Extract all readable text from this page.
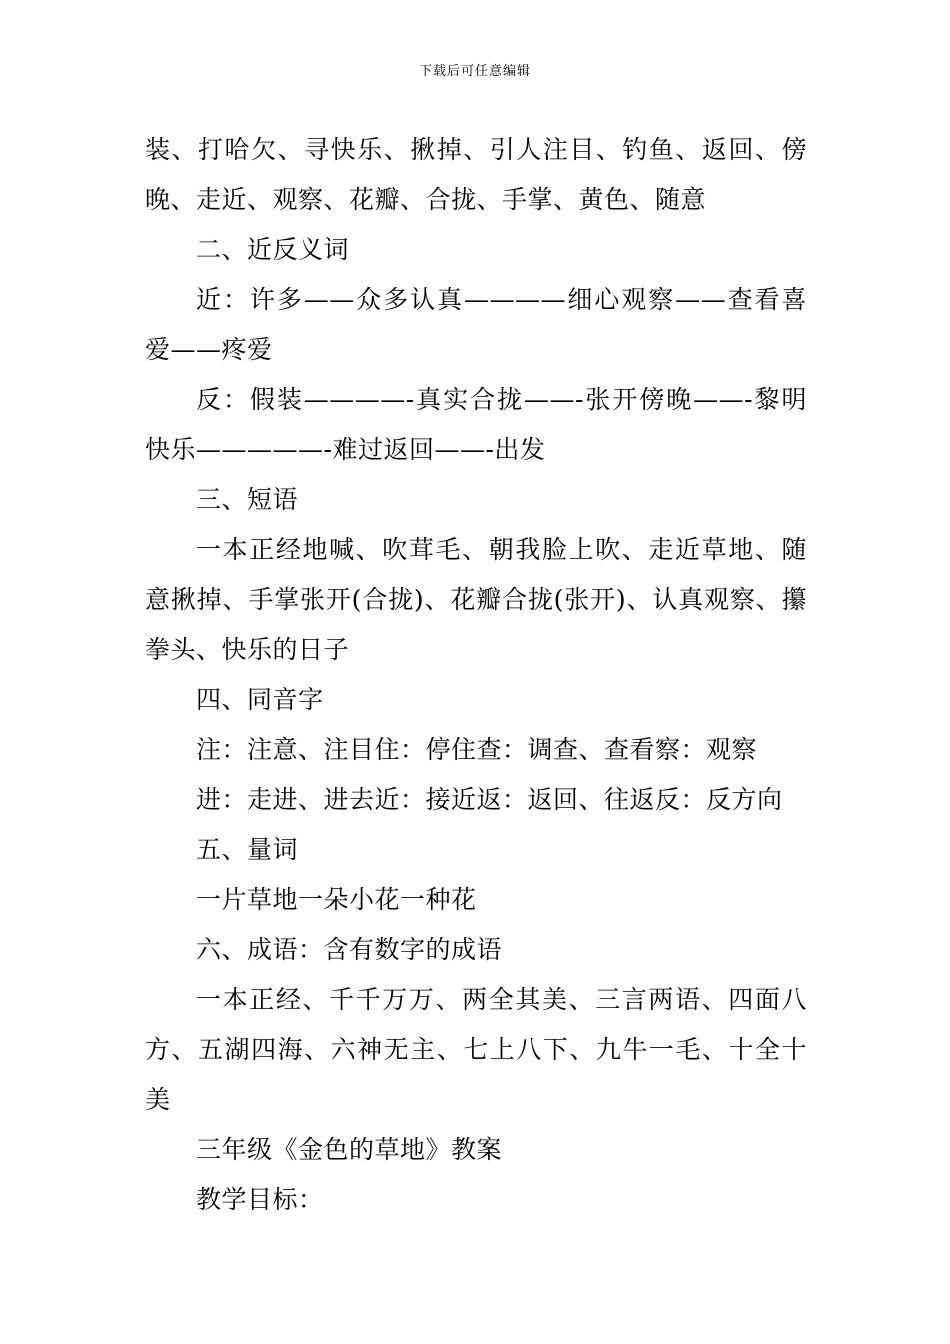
下载后可任意编辑

装、打哈欠、寻快乐、揪掉、引人注目、钓鱼、返回、傍晚、走近、观察、花瓣、合拢、手掌、黄色、随意

二、近反义词

近：许多——众多认真————细心观察——查看喜爱——疼爱

反：假装————-真实合拢——-张开傍晚——-黎明快乐—————-难过返回——-出发

三、短语

一本正经地喊、吹茸毛、朝我脸上吹、走近草地、随意揪掉、手掌张开(合拢)、花瓣合拢(张开)、认真观察、攥拳头、快乐的日子

四、同音字

注：注意、注目住：停住查：调查、查看察：观察

进：走进、进去近：接近返：返回、往返反：反方向

五、量词

一片草地一朵小花一种花

六、成语：含有数字的成语

一本正经、千千万万、两全其美、三言两语、四面八方、五湖四海、六神无主、七上八下、九牛一毛、十全十美

三年级《金色的草地》教案

教学目标：
